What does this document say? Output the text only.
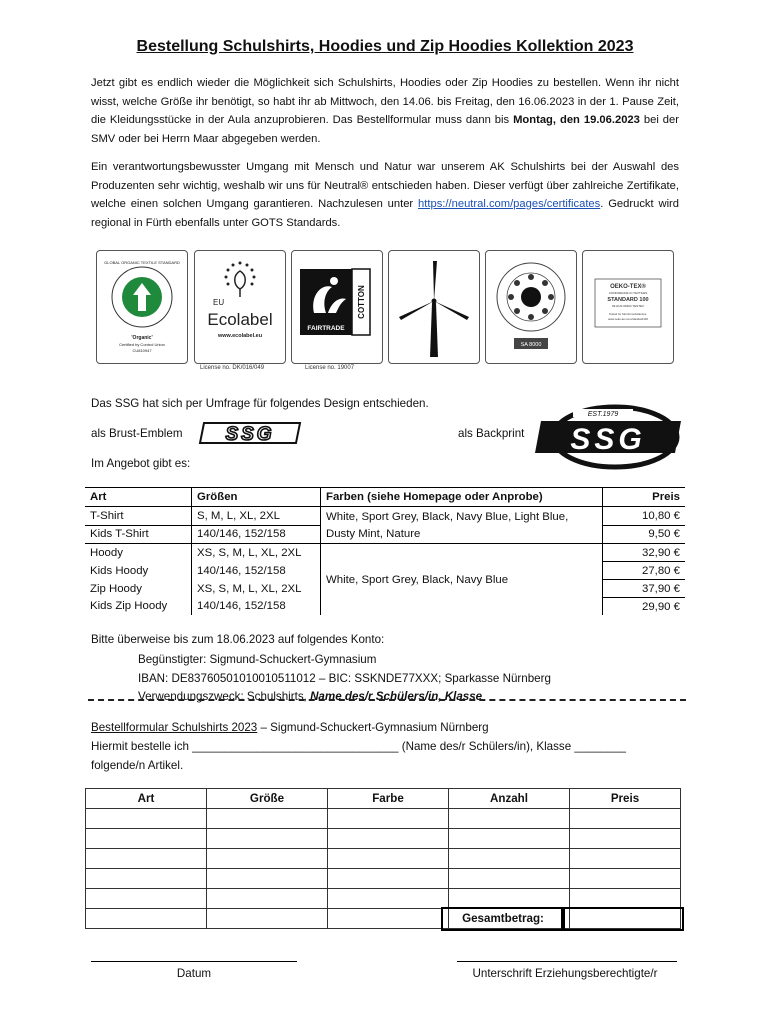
Bestellung Schulshirts, Hoodies und Zip Hoodies Kollektion 2023
Jetzt gibt es endlich wieder die Möglichkeit sich Schulshirts, Hoodies oder Zip Hoodies zu bestellen. Wenn ihr nicht wisst, welche Größe ihr benötigt, so habt ihr ab Mittwoch, den 14.06. bis Freitag, den 16.06.2023 in der 1. Pause Zeit, die Kleidungsstücke in der Aula anzuprobieren. Das Bestellformular muss dann bis Montag, den 19.06.2023 bei der SMV oder bei Herrn Maar abgegeben werden.
Ein verantwortungsbewusster Umgang mit Mensch und Natur war unserem AK Schulshirts bei der Auswahl des Produzenten sehr wichtig, weshalb wir uns für Neutral® entschieden haben. Dieser verfügt über zahlreiche Zertifikate, welche einen solchen Umgang garantieren. Nachzulesen unter https://neutral.com/pages/certificates. Gedruckt wird regional in Fürth ebenfalls unter GOTS Standards.
GLOBAL ORGANIC TEXTILE STANDARD
'Organic'
Certified by Control Union
CU810947
EU
Ecolabel
www.ecolabel.eu
License no. DK/016/049
FAIRTRADE
COTTON
License no. 19007
SA 8000
OEKO-TEX®
CONFIDENCE IN TEXTILES
STANDARD 100
09.HUS.69464 TESTEX
Tested for harmful substances.
www.oeko-tex.com/standard100
Das SSG hat sich per Umfrage für folgendes Design entschieden.
als Brust-Emblem SSG	als Backprint
EST.1979
SSG
Im Angebot gibt es:
Art	Größen	Farben (siehe Homepage oder Anprobe)	Preis
T-Shirt	S, M, L, XL, 2XL	White, Sport Grey, Black, Navy Blue, Light Blue, Dusty Mint, Nature	10,80 €
Kids T-Shirt	140/146, 152/158		9,50 €
Hoody	XS, S, M, L, XL, 2XL	White, Sport Grey, Black, Navy Blue	32,90 €
Kids Hoody	140/146, 152/158		27,80 €
Zip Hoody	XS, S, M, L, XL, 2XL		37,90 €
Kids Zip Hoody	140/146, 152/158		29,90 €
Bitte überweise bis zum 18.06.2023 auf folgendes Konto:
Begünstigter: Sigmund-Schuckert-Gymnasium
IBAN: DE83760501010010511012 – BIC: SSKNDE77XXX; Sparkasse Nürnberg
Verwendungszweck: Schulshirts, Name des/r Schülers/in, Klasse
Bestellformular Schulshirts 2023 – Sigmund-Schuckert-Gymnasium Nürnberg
Hiermit bestelle ich ________________________________ (Name des/r Schülers/in), Klasse ________
folgende/n Artikel.
Art	Größe	Farbe	Anzahl	Preis

Gesamtbetrag:
Datum	Unterschrift Erziehungsberechtigte/r
